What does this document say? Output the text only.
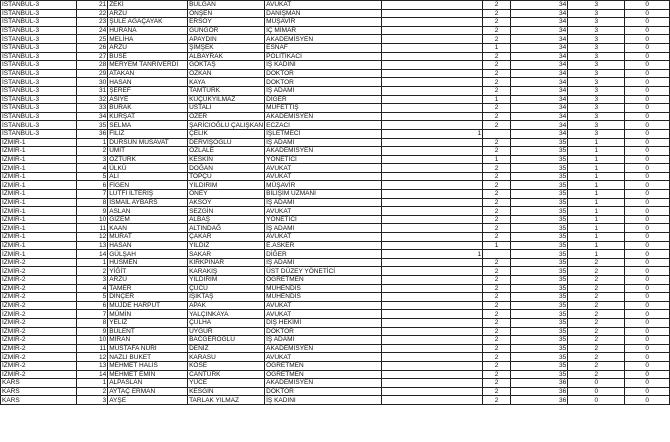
İSTANBUL-3	21	ZEKİ	BULGAN	AVUKAT		2	34	3	0
İSTANBUL-3	22	ARZU	ÖNŞEN	DANIŞMAN		2	34	3	0
İSTANBUL-3	23	ŞULE AĞAÇAYAK	ERSOY	MÜŞAVİR		2	34	3	0
İSTANBUL-3	24	HURANA	GÜNGÖR	İÇ MİMAR		2	34	3	0
İSTANBUL-3	25	MELİHA	APAYDIN	AKADEMİSYEN		2	34	3	0
İSTANBUL-3	26	ARZU	ŞİMŞEK	ESNAF		1	34	3	0
İSTANBUL-3	27	BUSE	ALBAYRAK	POLİTİKACI		2	34	3	0
İSTANBUL-3	28	MERYEM TANRIVERDİ	GÖKTAŞ	İŞ KADINI		2	34	3	0
İSTANBUL-3	29	ATAKAN	ÖZKAN	DOKTOR		2	34	3	0
İSTANBUL-3	30	HASAN	KAYA	DOKTOR		2	34	3	0
İSTANBUL-3	31	ŞEREF	TAMTÜRK	İŞ ADAMI		2	34	3	0
İSTANBUL-3	32	ASİYE	KÜÇÜKYILMAZ	DİĞER		1	34	3	0
İSTANBUL-3	33	BURAK	USTALI	MÜFETTİŞ		2	34	3	0
İSTANBUL-3	34	KURŞAT	ÖZER	AKADEMİSYEN		2	34	3	0
İSTANBUL-3	35	SELMA	ŞARİCIOĞLU ÇALIŞKAN	ECZACI		2	34	3	0
İSTANBUL-3	36	FİLİZ	ÇELİK	İŞLETMECİ	1		34	3	0
İZMİR-1	1	DURSUN MUSAVAT	DERVİŞOĞLU	İŞ ADAMI		2	35	1	0
İZMİR-1	2	ÜMİT	ÖZLALE	AKADEMİSYEN		2	35	1	0
İZMİR-1	3	ÖZTÜRK	KESKİN	YÖNETİCİ		1	35	1	0
İZMİR-1	4	ÜLKÜ	DOĞAN	AVUKAT		2	35	1	0
İZMİR-1	5	ALİ	TOPÇU	AVUKAT		2	35	1	0
İZMİR-1	6	FİGEN	YILDIRIM	MÜŞAVİR		2	35	1	0
İZMİR-1	7	LÜTFİ İLTERİŞ	ÖNEY	BİLİŞİM UZMANI		2	35	1	0
İZMİR-1	8	İSMAİL AYBARS	AKSOY	İŞ ADAMI		2	35	1	0
İZMİR-1	9	ASLAN	SEZGİN	AVUKAT		2	35	1	0
İZMİR-1	10	GİZEM	ALBAŞ	YÖNETİCİ		2	35	1	0
İZMİR-1	11	KAAN	ALTINDAĞ	İŞ ADAMI		2	35	1	0
İZMİR-1	12	MURAT	ÇAKAR	AVUKAT		2	35	1	0
İZMİR-1	13	HASAN	YILDIZ	E.ASKER		1	35	1	0
İZMİR-1	14	GÜLŞAH	SAKAR	DİĞER	1		35	1	0
İZMİR-2	1	HÜSMEN	KIRKPINAR	İŞ ADAMI		2	35	2	0
İZMİR-2	2	YİĞİT	KARAKIŞ	ÜST DÜZEY YÖNETİCİ		2	35	2	0
İZMİR-2	3	ARZU	YILDIRIM	ÖĞRETMEN		2	35	2	0
İZMİR-2	4	TAMER	ÇUCU	MÜHENDİS		2	35	2	0
İZMİR-2	5	DİNÇER	IŞIKTAŞ	MÜHENDİS		2	35	2	0
İZMİR-2	6	MÜJDE HARPUT	APAK	AVUKAT		2	35	2	0
İZMİR-2	7	MÜMİN	YALÇINKAYA	AVUKAT		2	35	2	0
İZMİR-2	8	YELİZ	ÇULHA	DİŞ HEKİMİ		2	35	2	0
İZMİR-2	9	BÜLENT	UYGUR	DOKTOR		2	35	2	0
İZMİR-2	10	MİRAN	BACGEROĞLU	İŞ ADAMI		2	35	2	0
İZMİR-2	11	MUSTAFA NURİ	DENİZ	AKADEMİSYEN		2	35	2	0
İZMİR-2	12	NAZLI BUKET	KARASU	AVUKAT		2	35	2	0
İZMİR-2	13	MEHMET HALİS	KÖSE	ÖĞRETMEN		2	35	2	0
İZMİR-2	14	MEHMET EMİN	CANTÜRK	ÖĞRETMEN		2	35	2	0
KARS	1	ALPASLAN	YÜCE	AKADEMİSYEN		2	36	0	0
KARS	2	AYTAÇ ERMAN	KESGİN	DOKTOR		2	36	0	0
KARS	3	AYŞE	TARLAK YILMAZ	İŞ KADINI		2	36	0	0
